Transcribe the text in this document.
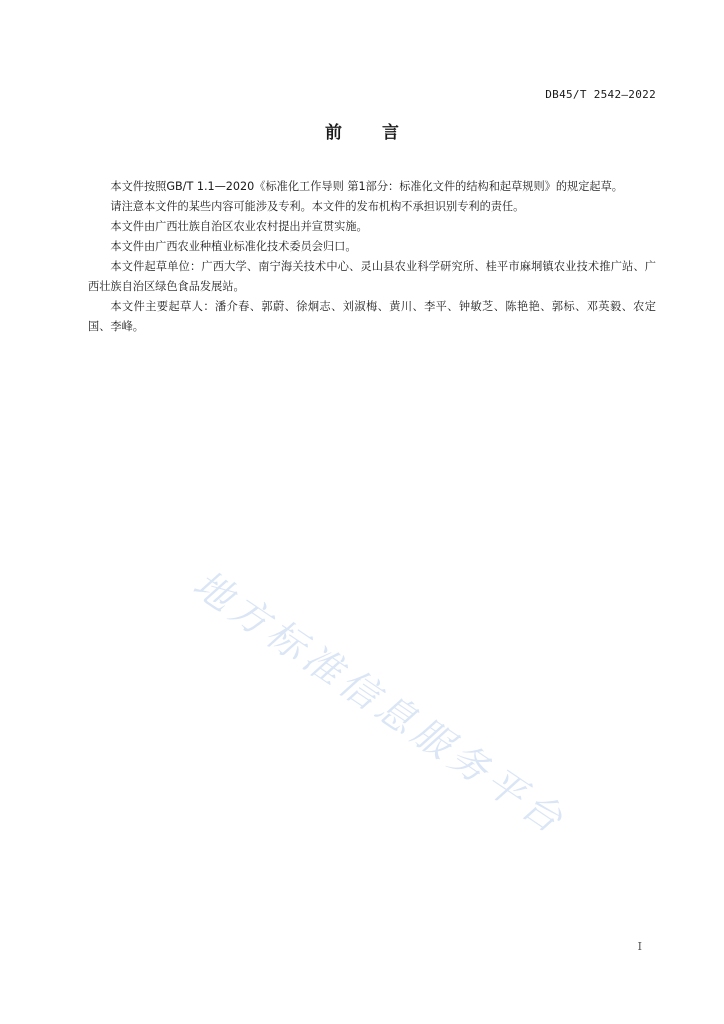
DB45/T 2542—2022
前言

本文件按照GB/T 1.1—2020《标准化工作导则 第1部分：标准化文件的结构和起草规则》的规定起草。

请注意本文件的某些内容可能涉及专利。本文件的发布机构不承担识别专利的责任。

本文件由广西壮族自治区农业农村提出并宣贯实施。

本文件由广西农业种植业标准化技术委员会归口。

本文件起草单位：广西大学、南宁海关技术中心、灵山县农业科学研究所、桂平市麻垌镇农业技术推广站、广西壮族自治区绿色食品发展站。

本文件主要起草人：潘介春、郭蔚、徐炯志、刘淑梅、黄川、李平、钟敏芝、陈艳艳、郭标、邓英毅、农定国、李峰。

地方标准信息服务平台
I
